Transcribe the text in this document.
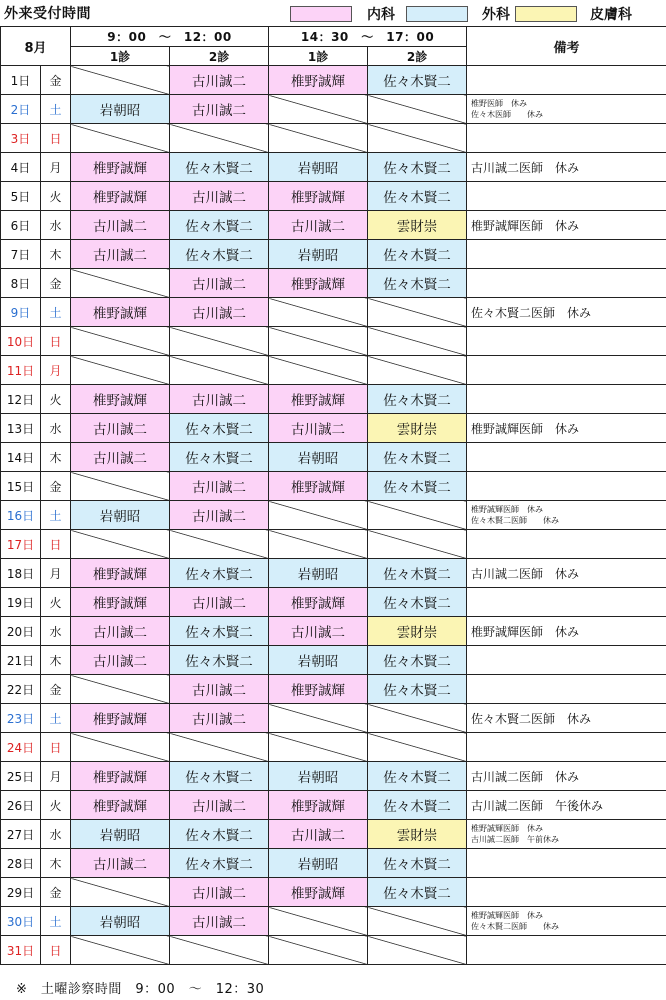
外来受付時間	内科	外科	皮膚科
8月		9：00　～　12：00		14：30　～　17：00		備考
		1診	2診	1診	2診	
1日	金		古川誠二	椎野誠輝	佐々木賢二	
2日	土	岩朝昭	古川誠二			椎野医師　休み
佐々木医師　　休み

3日	日					
4日	月	椎野誠輝	佐々木賢二	岩朝昭	佐々木賢二	古川誠二医師　休み

5日	火	椎野誠輝	古川誠二	椎野誠輝	佐々木賢二	
6日	水	古川誠二	佐々木賢二	古川誠二	雲財崇	椎野誠輝医師　休み

7日	木	古川誠二	佐々木賢二	岩朝昭	佐々木賢二	
8日	金		古川誠二	椎野誠輝	佐々木賢二	
9日	土	椎野誠輝	古川誠二			佐々木賢二医師　休み

10日	日					
11日	月					
12日	火	椎野誠輝	古川誠二	椎野誠輝	佐々木賢二	
13日	水	古川誠二	佐々木賢二	古川誠二	雲財崇	椎野誠輝医師　休み

14日	木	古川誠二	佐々木賢二	岩朝昭	佐々木賢二	
15日	金		古川誠二	椎野誠輝	佐々木賢二	
16日	土	岩朝昭	古川誠二			椎野誠輝医師　休み
佐々木賢二医師　　休み

17日	日					
18日	月	椎野誠輝	佐々木賢二	岩朝昭	佐々木賢二	古川誠二医師　休み

19日	火	椎野誠輝	古川誠二	椎野誠輝	佐々木賢二	
20日	水	古川誠二	佐々木賢二	古川誠二	雲財崇	椎野誠輝医師　休み

21日	木	古川誠二	佐々木賢二	岩朝昭	佐々木賢二	
22日	金		古川誠二	椎野誠輝	佐々木賢二	
23日	土	椎野誠輝	古川誠二			佐々木賢二医師　休み

24日	日					
25日	月	椎野誠輝	佐々木賢二	岩朝昭	佐々木賢二	古川誠二医師　休み

26日	火	椎野誠輝	古川誠二	椎野誠輝	佐々木賢二	古川誠二医師　午後休み

27日	水	岩朝昭	佐々木賢二	古川誠二	雲財崇	椎野誠輝医師　休み
古川誠二医師　午前休み

28日	木	古川誠二	佐々木賢二	岩朝昭	佐々木賢二	
29日	金		古川誠二	椎野誠輝	佐々木賢二	
30日	土	岩朝昭	古川誠二			椎野誠輝医師　休み
佐々木賢二医師　　休み

31日	日					
※　土曜診察時間　9：00　～　12：30
